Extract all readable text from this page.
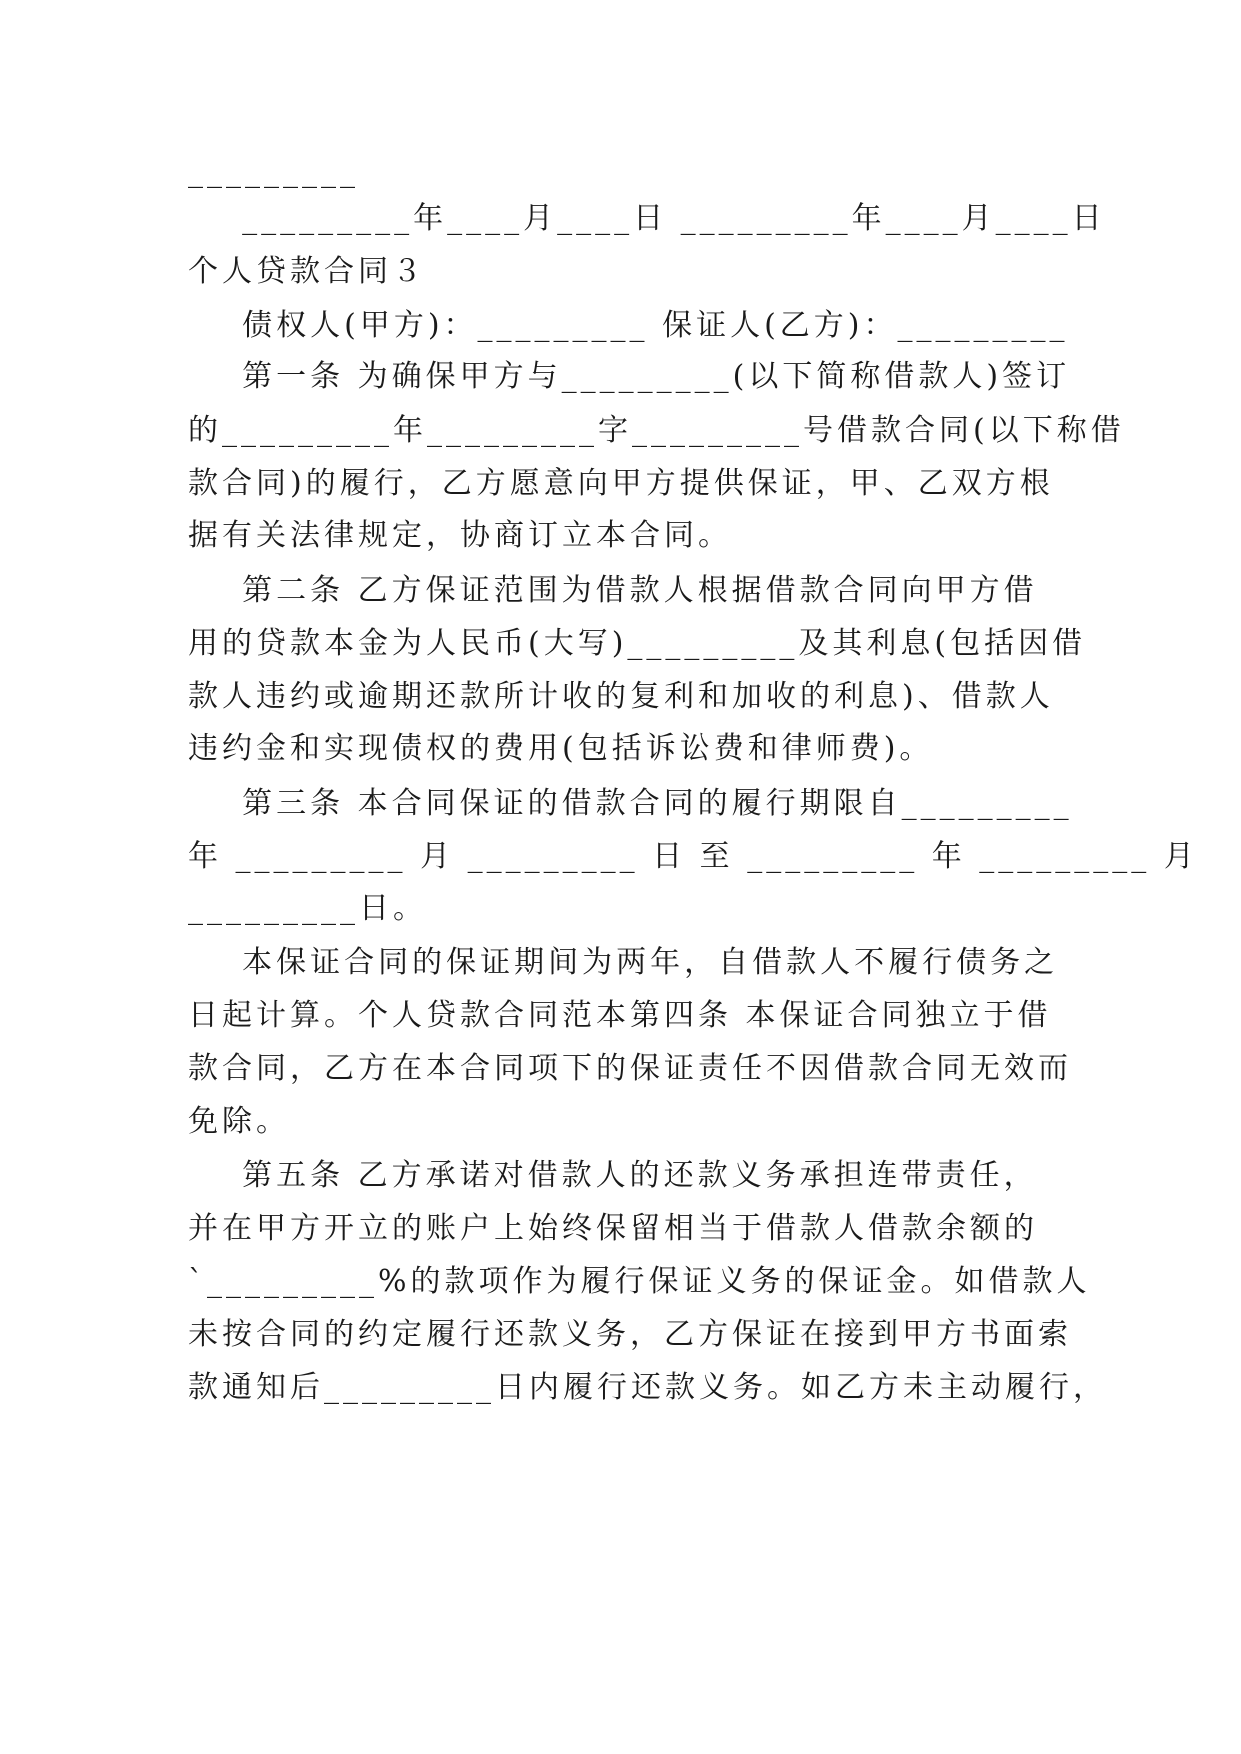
_________
_________年____月____日 _________年____月____日
个人贷款合同３
债权人(甲方)：_________ 保证人(乙方)：_________
第一条 为确保甲方与_________(以下简称借款人)签订
的_________年_________字_________号借款合同(以下称借
款合同)的履行，乙方愿意向甲方提供保证，甲、乙双方根
据有关法律规定，协商订立本合同。
第二条 乙方保证范围为借款人根据借款合同向甲方借
用的贷款本金为人民币(大写)_________及其利息(包括因借
款人违约或逾期还款所计收的复利和加收的利息)、借款人
违约金和实现债权的费用(包括诉讼费和律师费)。
第三条 本合同保证的借款合同的履行期限自_________
年 _________ 月 _________ 日 至 _________ 年 _________ 月
_________日。
本保证合同的保证期间为两年，自借款人不履行债务之
日起计算。个人贷款合同范本第四条 本保证合同独立于借
款合同，乙方在本合同项下的保证责任不因借款合同无效而
免除。
第五条 乙方承诺对借款人的还款义务承担连带责任，
并在甲方开立的账户上始终保留相当于借款人借款余额的
`_________%的款项作为履行保证义务的保证金。如借款人
未按合同的约定履行还款义务，乙方保证在接到甲方书面索
款通知后_________日内履行还款义务。如乙方未主动履行，
